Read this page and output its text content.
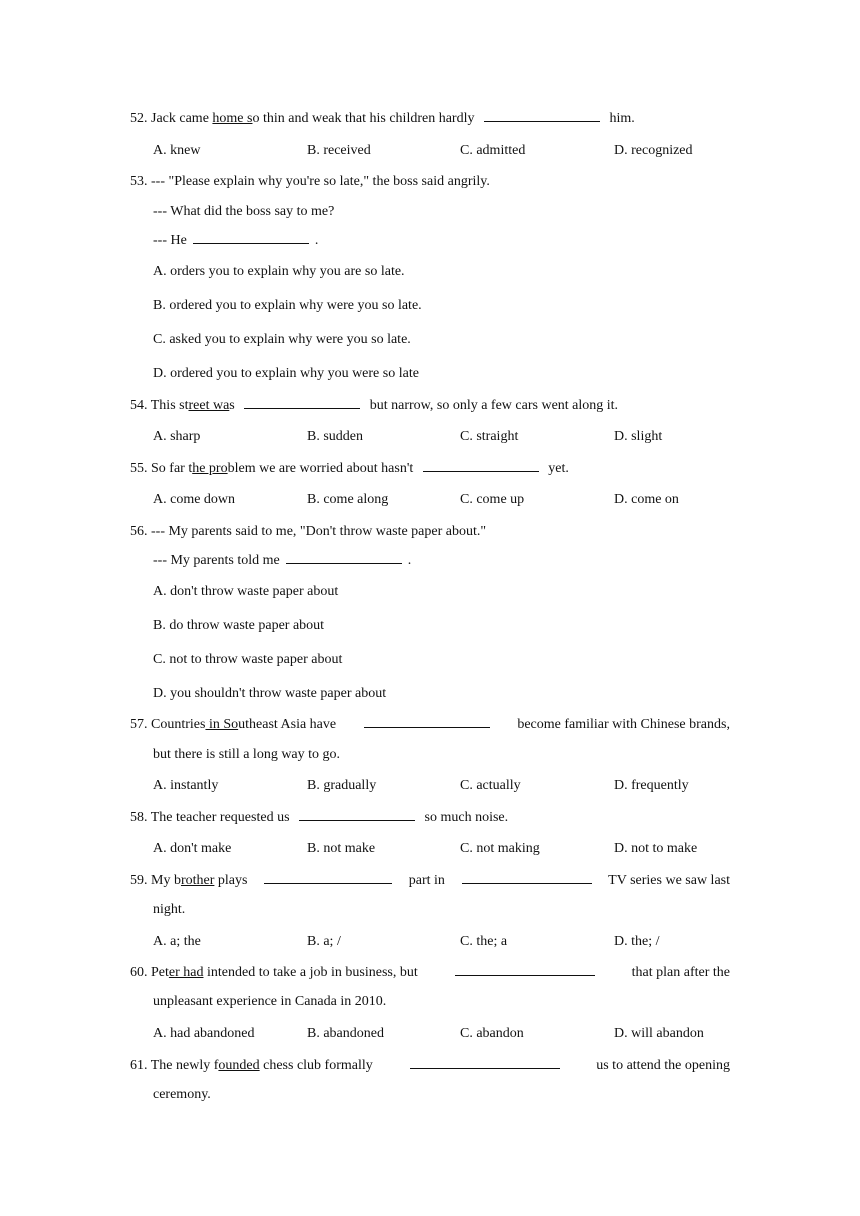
52. Jack came home so thin and weak that his children hardly	him.
A. knew	B. received	C. admitted	D. recognized
53. --- "Please explain why you're so late," the boss said angrily.
--- What did the boss say to me?
--- He	.
A. orders you to explain why you are so late.
B. ordered you to explain why were you so late.
C. asked you to explain why were you so late.
D. ordered you to explain why you were so late
54. This street was	but narrow, so only a few cars went along it.
A. sharp	B. sudden	C. straight	D. slight
55. So far the problem we are worried about hasn't	yet.
A. come down	B. come along	C. come up	D. come on
56. --- My parents said to me, "Don't throw waste paper about."
--- My parents told me	.
A. don't throw waste paper about
B. do throw waste paper about
C. not to throw waste paper about
D. you shouldn't throw waste paper about
57. Countries in Southeast Asia have	become familiar with Chinese brands,
but there is still a long way to go.
A. instantly	B. gradually	C. actually	D. frequently
58. The teacher requested us	so much noise.
A. don't make	B. not make	C. not making	D. not to make
59. My brother plays	part in	TV series we saw last
night.
A. a; the	B. a; /	C. the; a	D. the; /
60. Peter had intended to take a job in business, but	that plan after the
unpleasant experience in Canada in 2010.
A. had abandoned	B. abandoned	C. abandon	D. will abandon
61. The newly founded chess club formally	us to attend the opening
ceremony.
